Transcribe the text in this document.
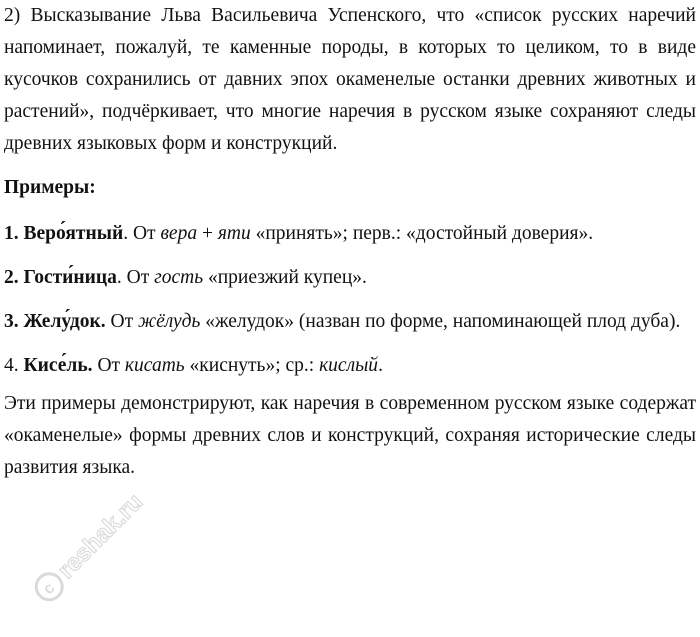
2) Высказывание Льва Васильевича Успенского, что «список русских наречий напоминает, пожалуй, те каменные породы, в которых то целиком, то в виде кусочков сохранились от давних эпох окаменелые останки древних животных и растений», подчёркивает, что многие наречия в русском языке сохраняют следы древних языковых форм и конструкций.

Примеры:

1. Веро́ятный. От вера + яти «принять»; перв.: «достойный доверия».

2. Гости́ница. От гость «приезжий купец».

3. Желу́док. От жёлудь «желудок» (назван по форме, напоминающей плод дуба).

4. Кисе́ль. От кисать «киснуть»; ср.: кислый.

Эти примеры демонстрируют, как наречия в современном русском языке содержат «окаменелые» формы древних слов и конструкций, сохраняя исторические следы развития языка.

c
reshak.ru
